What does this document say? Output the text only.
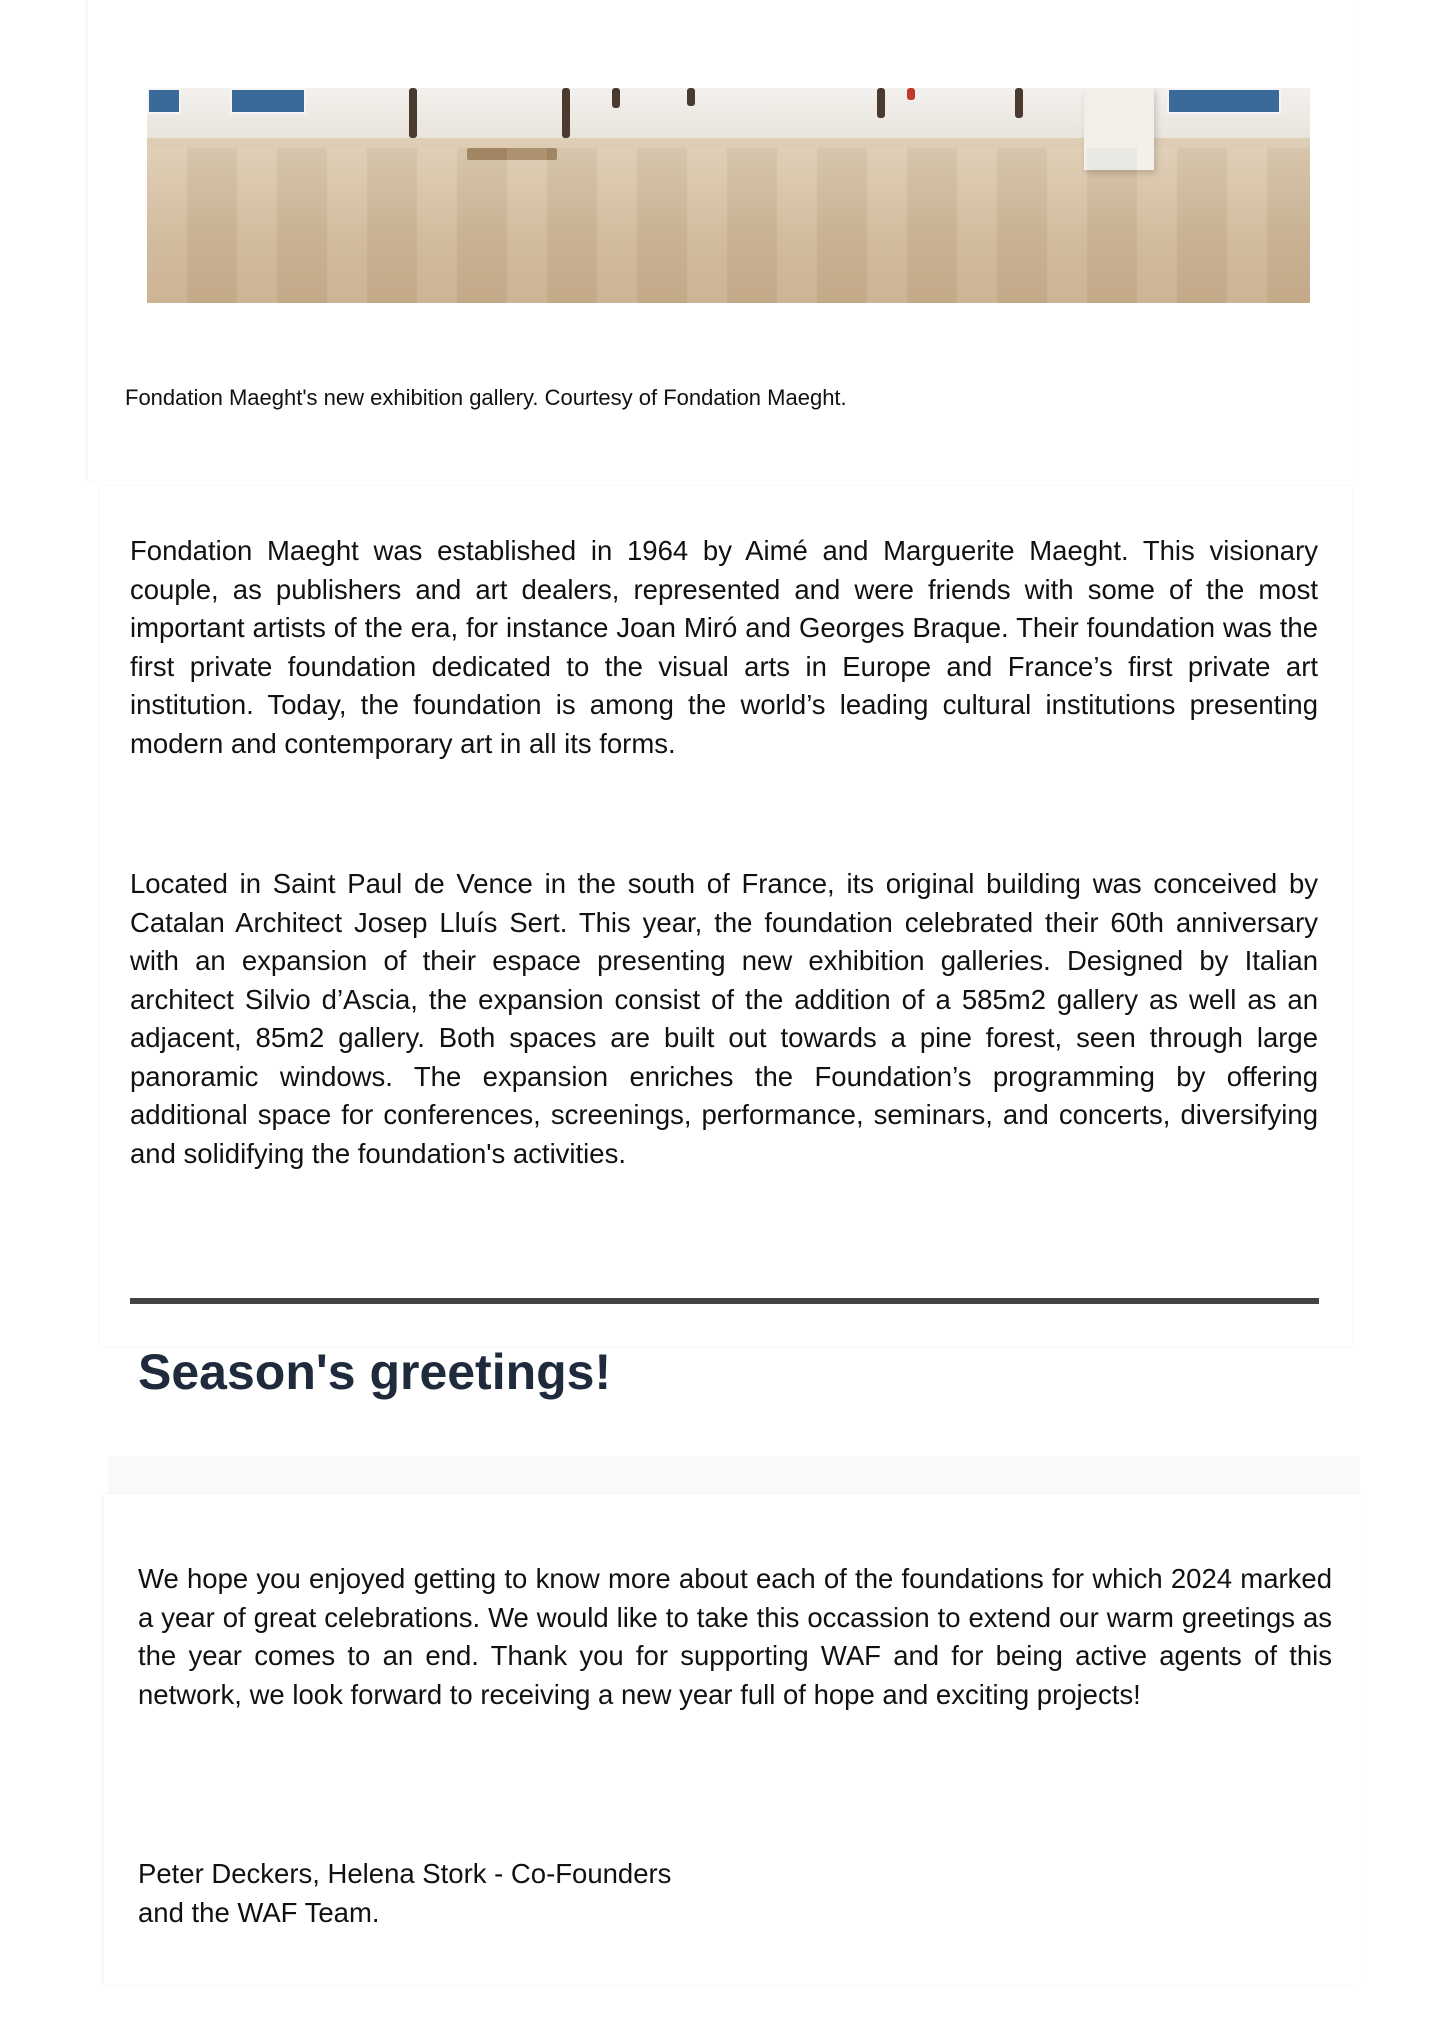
Fondation Maeght's new exhibition gallery. Courtesy of Fondation Maeght.

Fondation Maeght was established in 1964 by Aimé and Marguerite Maeght. This visionary couple, as publishers and art dealers, represented and were friends with some of the most important artists of the era, for instance Joan Miró and Georges Braque. Their foundation was the first private foundation dedicated to the visual arts in Europe and France’s first private art institution. Today, the foundation is among the world’s leading cultural institutions presenting modern and contemporary art in all its forms.

Located in Saint Paul de Vence in the south of France, its original building was conceived by Catalan Architect Josep Lluís Sert. This year, the foundation celebrated their 60th anniversary with an expansion of their espace presenting new exhibition galleries. Designed by Italian architect Silvio d’Ascia, the expansion consist of the addition of a 585m2 gallery as well as an adjacent, 85m2 gallery. Both spaces are built out towards a pine forest, seen through large panoramic windows. The expansion enriches the Foundation’s programming by offering additional space for conferences, screenings, performance, seminars, and concerts, diversifying and solidifying the foundation's activities.

Season's greetings!

We hope you enjoyed getting to know more about each of the foundations for which 2024 marked a year of great celebrations. We would like to take this occassion to extend our warm greetings as the year comes to an end. Thank you for supporting WAF and for being active agents of this network, we look forward to receiving a new year full of hope and exciting projects!

Peter Deckers, Helena Stork - Co-Founders
and the WAF Team.
